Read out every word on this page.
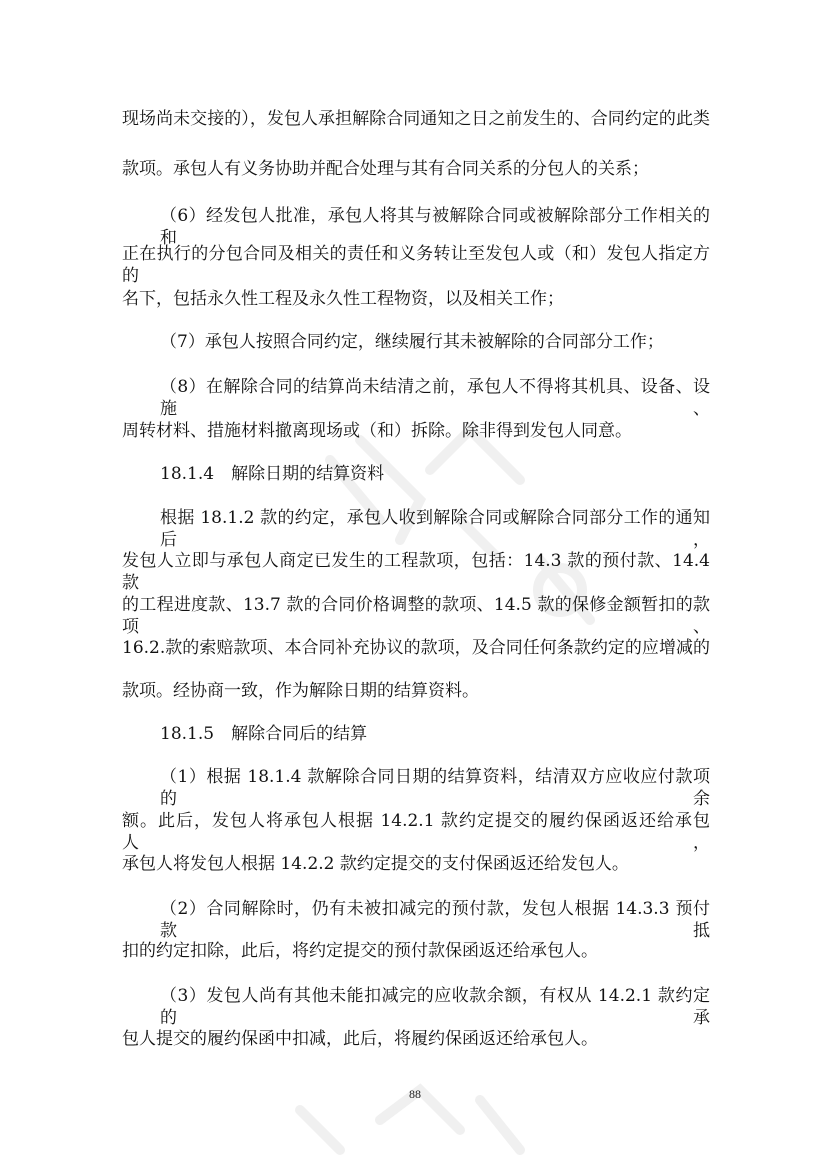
现场尚未交接的），发包人承担解除合同通知之日之前发生的、合同约定的此类
款项。承包人有义务协助并配合处理与其有合同关系的分包人的关系；
（6）经发包人批准，承包人将其与被解除合同或被解除部分工作相关的和
正在执行的分包合同及相关的责任和义务转让至发包人或（和）发包人指定方的
名下，包括永久性工程及永久性工程物资，以及相关工作；
（7）承包人按照合同约定，继续履行其未被解除的合同部分工作；
（8）在解除合同的结算尚未结清之前，承包人不得将其机具、设备、设施、
周转材料、措施材料撤离现场或（和）拆除。除非得到发包人同意。
18.1.4　解除日期的结算资料
根据 18.1.2 款的约定，承包人收到解除合同或解除合同部分工作的通知后，
发包人立即与承包人商定已发生的工程款项，包括：14.3 款的预付款、14.4 款
的工程进度款、13.7 款的合同价格调整的款项、14.5 款的保修金额暂扣的款项、
16.2.款的索赔款项、本合同补充协议的款项，及合同任何条款约定的应增减的
款项。经协商一致，作为解除日期的结算资料。
18.1.5　解除合同后的结算
（1）根据 18.1.4 款解除合同日期的结算资料，结清双方应收应付款项的余
额。此后，发包人将承包人根据 14.2.1 款约定提交的履约保函返还给承包人，
承包人将发包人根据 14.2.2 款约定提交的支付保函返还给发包人。
（2）合同解除时，仍有未被扣减完的预付款，发包人根据 14.3.3 预付款抵
扣的约定扣除，此后，将约定提交的预付款保函返还给承包人。
（3）发包人尚有其他未能扣减完的应收款余额，有权从 14.2.1 款约定的承
包人提交的履约保函中扣减，此后，将履约保函返还给承包人。
88
